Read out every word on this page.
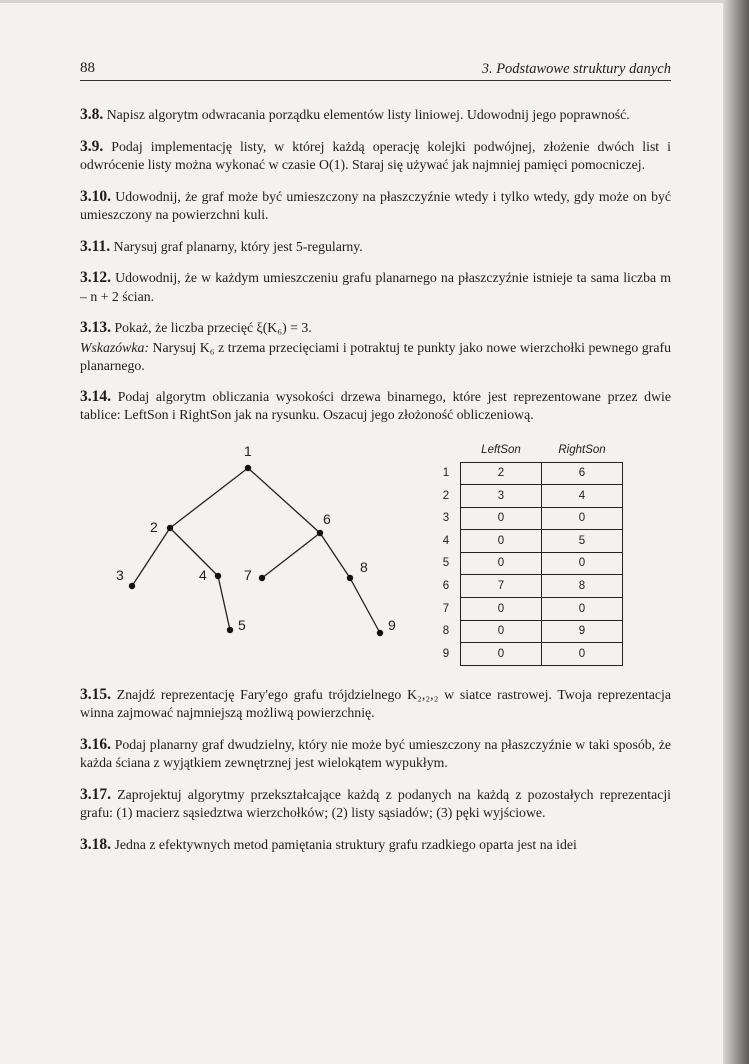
88	3. Podstawowe struktury danych

3.8. Napisz algorytm odwracania porządku elementów listy liniowej. Udowodnij jego poprawność.

3.9. Podaj implementację listy, w której każdą operację kolejki podwójnej, złożenie dwóch list i odwrócenie listy można wykonać w czasie O(1). Staraj się używać jak najmniej pamięci pomocniczej.

3.10. Udowodnij, że graf może być umieszczony na płaszczyźnie wtedy i tylko wtedy, gdy może on być umieszczony na powierzchni kuli.

3.11. Narysuj graf planarny, który jest 5-regularny.

3.12. Udowodnij, że w każdym umieszczeniu grafu planarnego na płaszczyźnie istnieje ta sama liczba m – n + 2 ścian.

3.13. Pokaż, że liczba przecięć ξ(K₆) = 3.

Wskazówka: Narysuj K₆ z trzema przecięciami i potraktuj te punkty jako nowe wierzchołki pewnego grafu planarnego.

3.14. Podaj algorytm obliczania wysokości drzewa binarnego, które jest reprezentowane przez dwie tablice: LeftSon i RightSon jak na rysunku. Oszacuj jego złożoność obliczeniową.

1
2
3	4
5
6
7	8
9
	LeftSon	RightSon
1	2	6
2	3	4
3	0	0
4	0	5
5	0	0
6	7	8
7	0	0
8	0	9
9	0	0

3.15. Znajdź reprezentację Fary'ego grafu trójdzielnego K₂,₂,₂ w siatce rastrowej. Twoja reprezentacja winna zajmować najmniejszą możliwą powierzchnię.

3.16. Podaj planarny graf dwudzielny, który nie może być umieszczony na płaszczyźnie w taki sposób, że każda ściana z wyjątkiem zewnętrznej jest wielokątem wypukłym.

3.17. Zaprojektuj algorytmy przekształcające każdą z podanych na każdą z pozostałych reprezentacji grafu: (1) macierz sąsiedztwa wierzchołków; (2) listy sąsiadów; (3) pęki wyjściowe.

3.18. Jedna z efektywnych metod pamiętania struktury grafu rzadkiego oparta jest na idei
